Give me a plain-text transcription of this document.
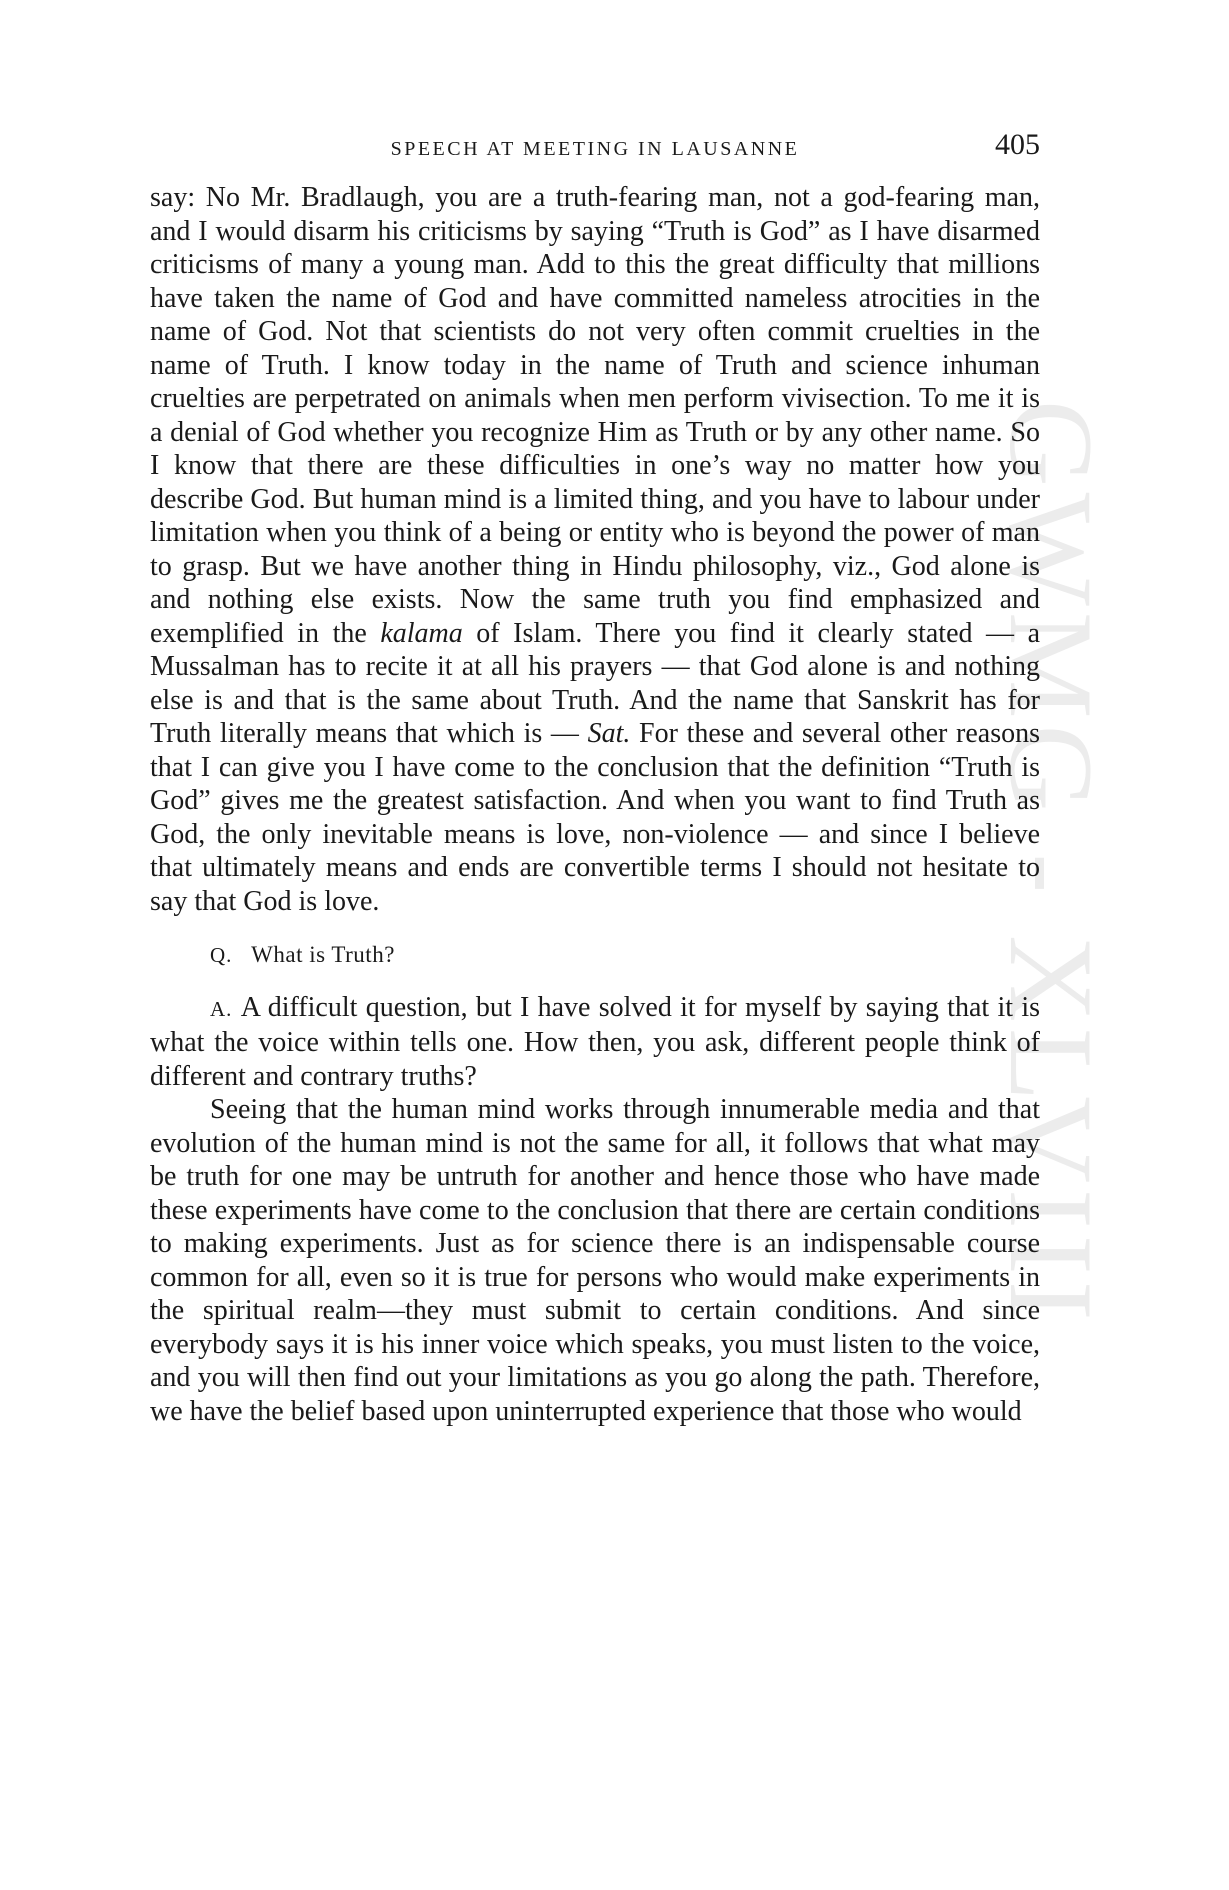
GWMG - XLVIII
SPEECH AT MEETING IN LAUSANNE	405

say: No Mr. Bradlaugh, you are a truth-fearing man, not a god-fearing man, and I would disarm his criticisms by saying “Truth is God” as I have disarmed criticisms of many a young man. Add to this the great difficulty that millions have taken the name of God and have committed nameless atrocities in the name of God. Not that scientists do not very often commit cruelties in the name of Truth. I know today in the name of Truth and science inhuman cruelties are perpetrated on animals when men perform vivisection. To me it is a denial of God whether you recognize Him as Truth or by any other name. So I know that there are these difficulties in one’s way no matter how you describe God. But human mind is a limited thing, and you have to labour under limitation when you think of a being or entity who is beyond the power of man to grasp. But we have another thing in Hindu philosophy, viz., God alone is and nothing else exists. Now the same truth you find emphasized and exemplified in the kalama of Islam. There you find it clearly stated — a Mussalman has to recite it at all his prayers — that God alone is and nothing else is and that is the same about Truth. And the name that Sanskrit has for Truth literally means that which is — Sat. For these and several other reasons that I can give you I have come to the conclusion that the definition “Truth is God” gives me the greatest satisfaction. And when you want to find Truth as God, the only inevitable means is love, non-violence — and since I believe that ultimately means and ends are convertible terms I should not hesitate to say that God is love.

Q. What is Truth?

A. A difficult question, but I have solved it for myself by saying that it is what the voice within tells one. How then, you ask, different people think of different and contrary truths?

Seeing that the human mind works through innumerable media and that evolution of the human mind is not the same for all, it follows that what may be truth for one may be untruth for another and hence those who have made these experiments have come to the conclusion that there are certain conditions to making experiments. Just as for science there is an indispensable course common for all, even so it is true for persons who would make experiments in the spiritual realm—they must submit to certain conditions. And since everybody says it is his inner voice which speaks, you must listen to the voice, and you will then find out your limitations as you go along the path. Therefore, we have the belief based upon uninterrupted experience that those who would
